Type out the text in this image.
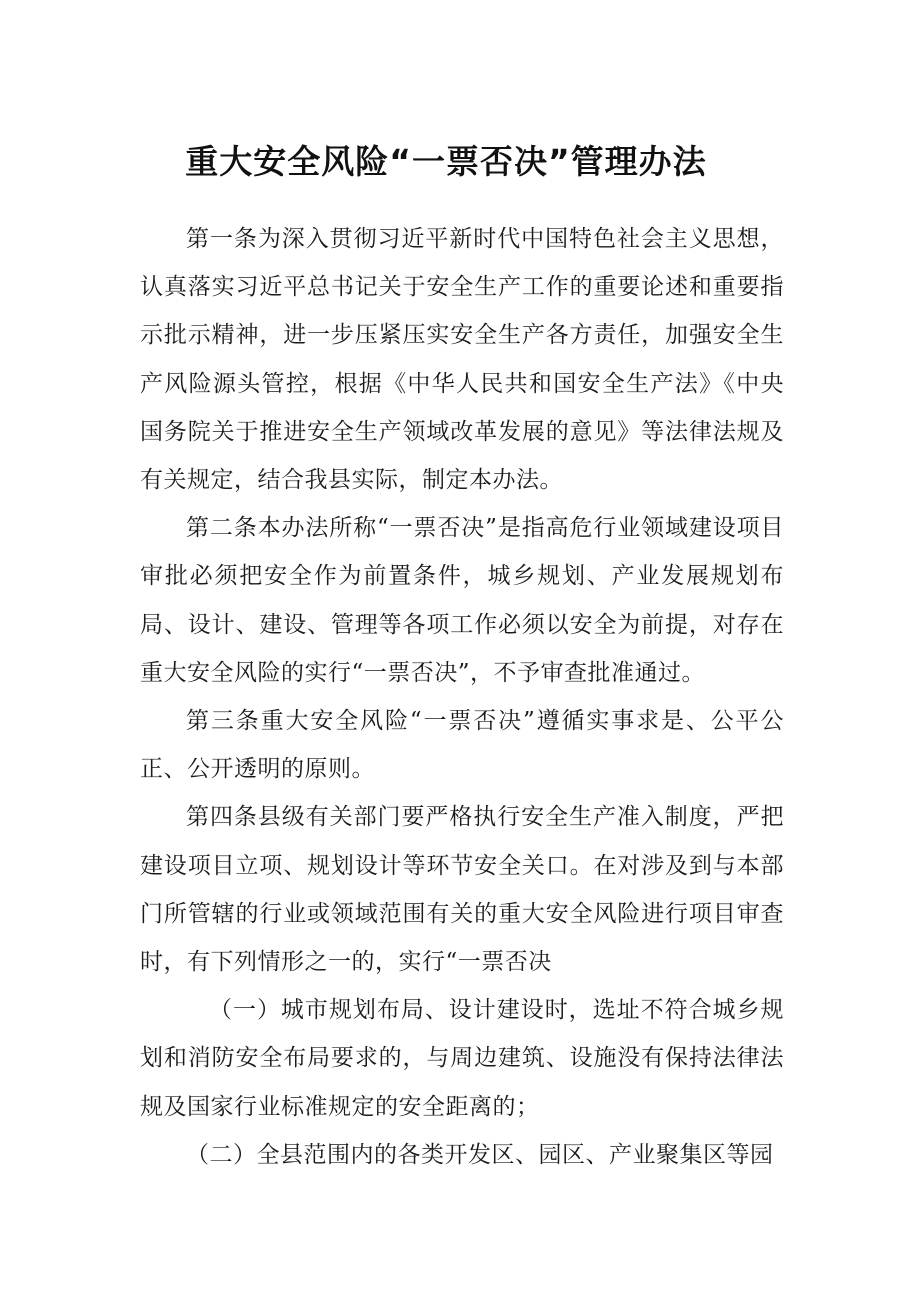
重大安全风险“一票否决”管理办法

第一条为深入贯彻习近平新时代中国特色社会主义思想，认真落实习近平总书记关于安全生产工作的重要论述和重要指示批示精神，进一步压紧压实安全生产各方责任，加强安全生产风险源头管控，根据《中华人民共和国安全生产法》《中央国务院关于推进安全生产领域改革发展的意见》等法律法规及有关规定，结合我县实际，制定本办法。

第二条本办法所称“一票否决”是指高危行业领域建设项目审批必须把安全作为前置条件，城乡规划、产业发展规划布局、设计、建设、管理等各项工作必须以安全为前提，对存在重大安全风险的实行“一票否决”，不予审查批准通过。

第三条重大安全风险“一票否决”遵循实事求是、公平公正、公开透明的原则。

第四条县级有关部门要严格执行安全生产准入制度，严把建设项目立项、规划设计等环节安全关口。在对涉及到与本部门所管辖的行业或领域范围有关的重大安全风险进行项目审查时，有下列情形之一的，实行“一票否决

（一）城市规划布局、设计建设时，选址不符合城乡规划和消防安全布局要求的，与周边建筑、设施没有保持法律法规及国家行业标准规定的安全距离的；

（二）全县范围内的各类开发区、园区、产业聚集区等园
